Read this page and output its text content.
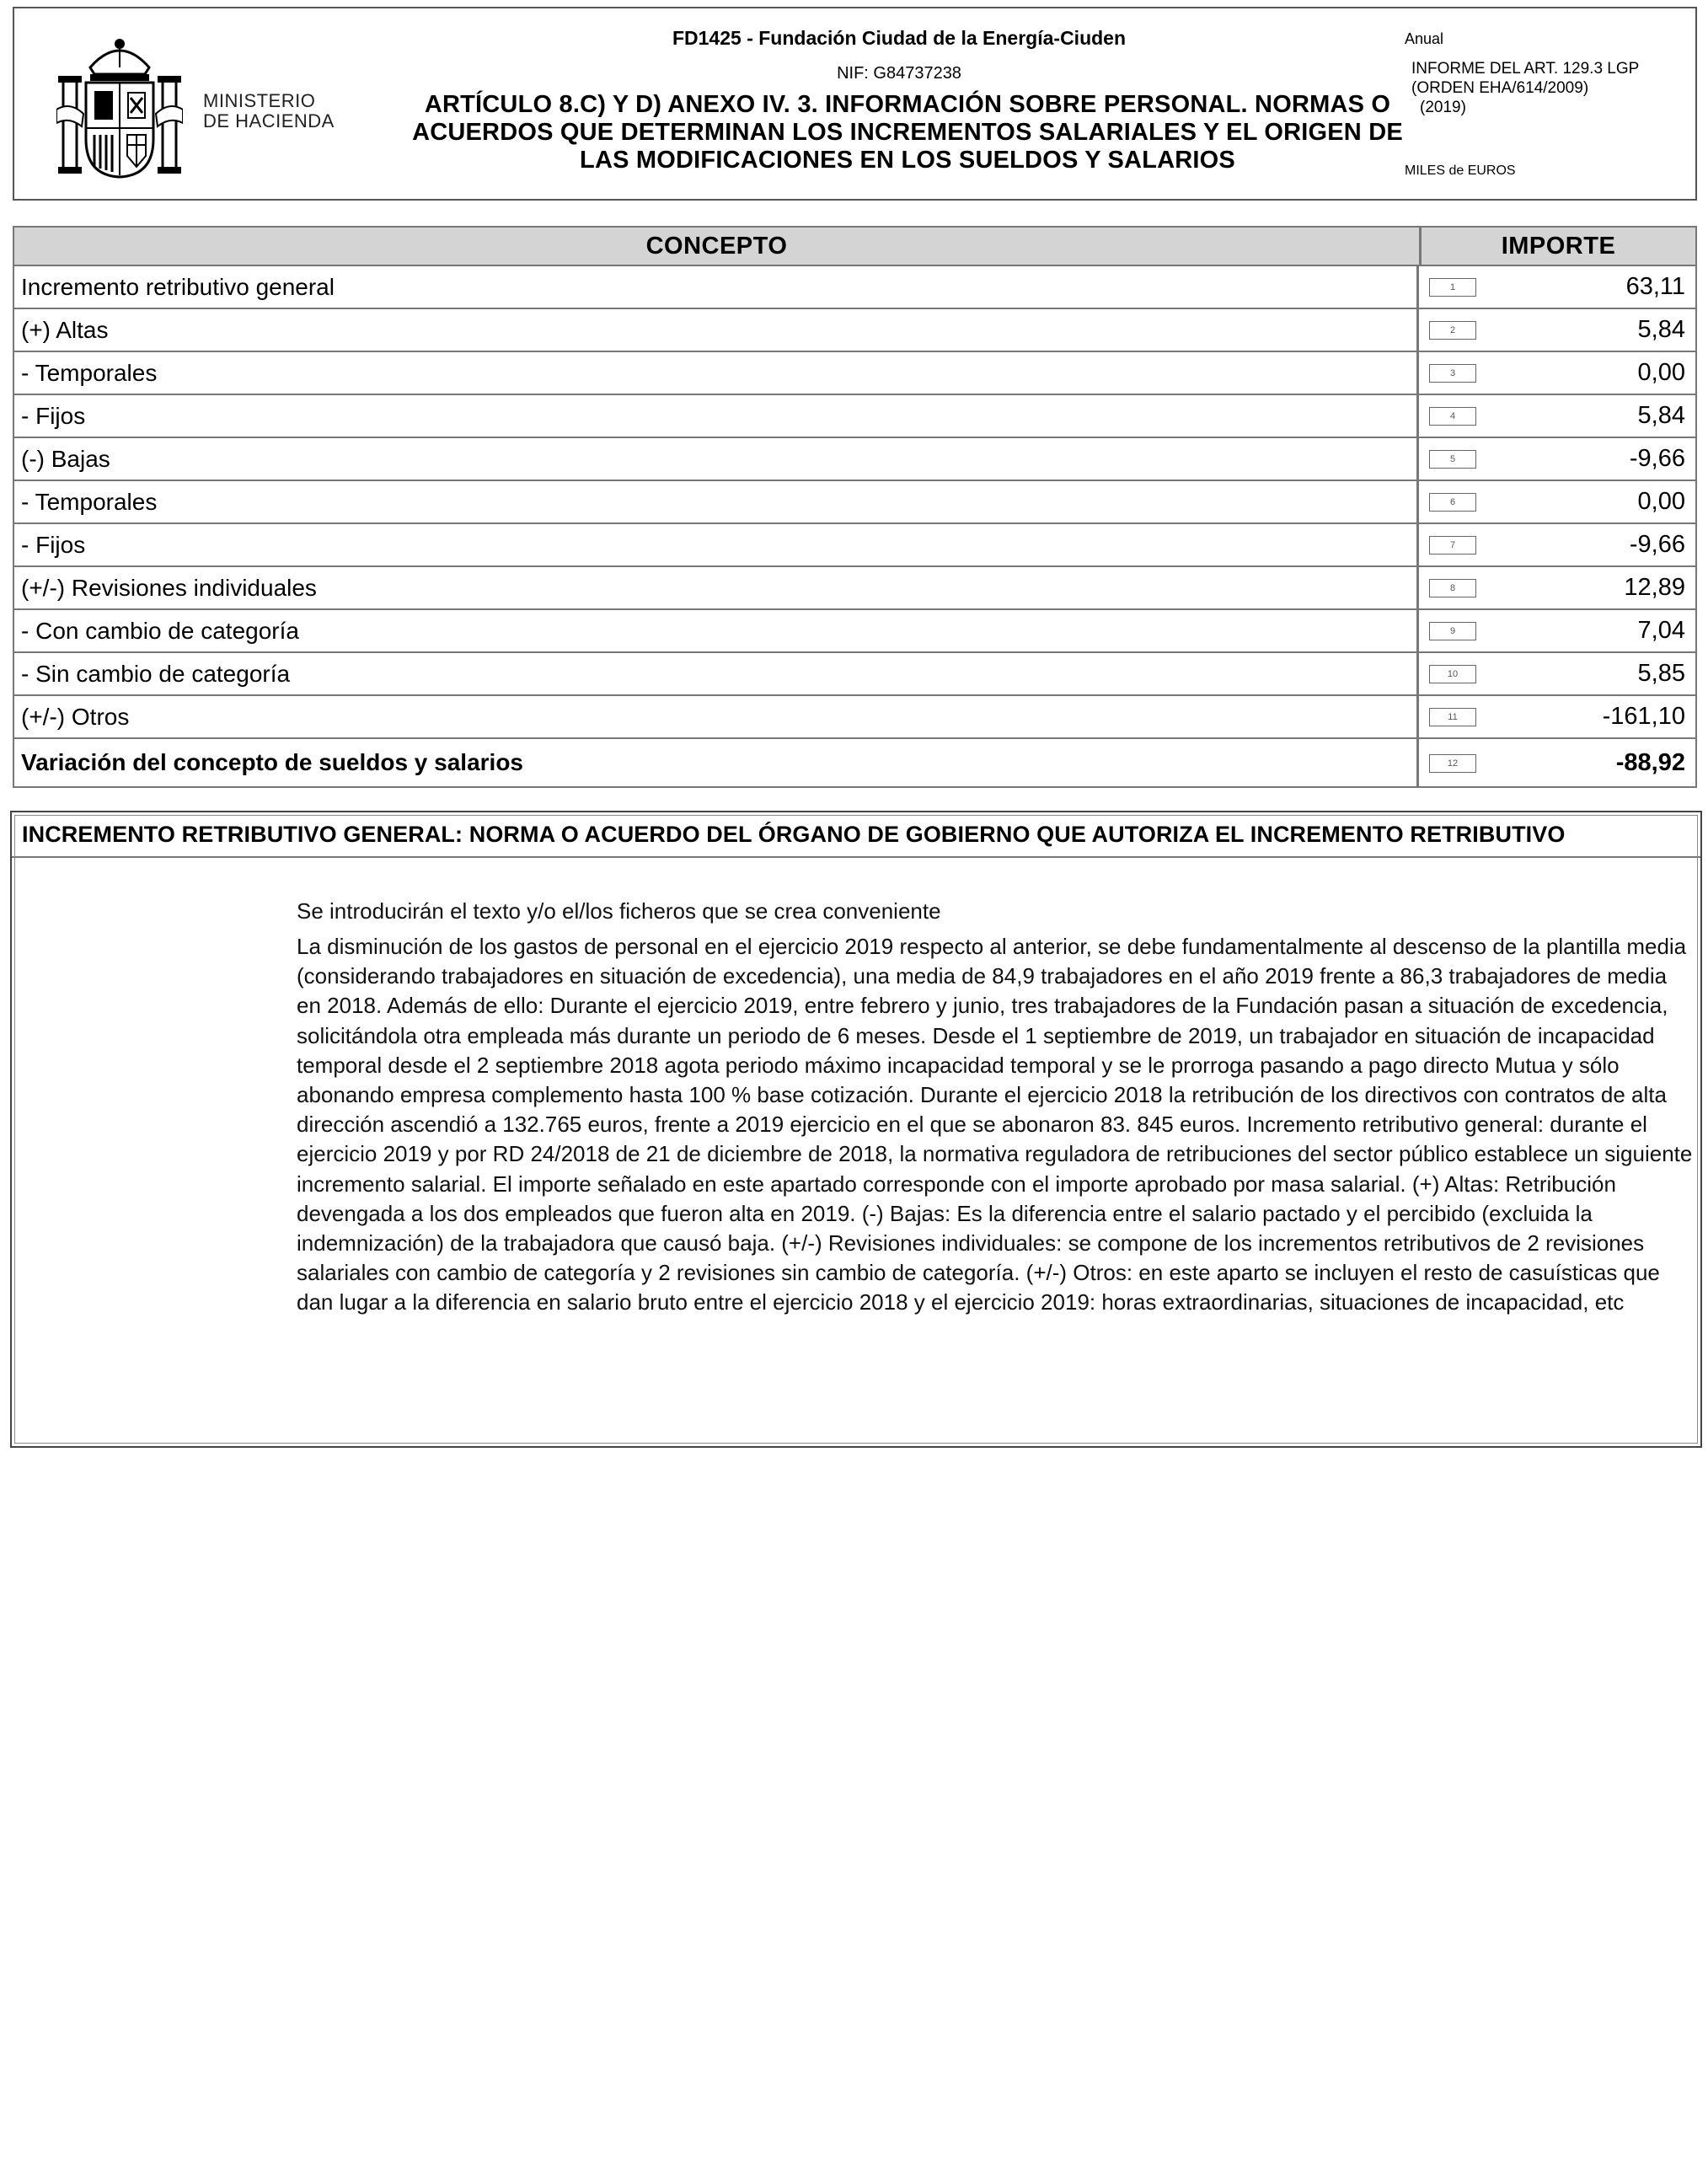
MINISTERIO
DE HACIENDA
FD1425 - Fundación Ciudad de la Energía-Ciuden
NIF: G84737238
ARTÍCULO 8.C) Y D) ANEXO IV. 3. INFORMACIÓN SOBRE PERSONAL. NORMAS O
ACUERDOS QUE DETERMINAN LOS INCREMENTOS SALARIALES Y EL ORIGEN DE
LAS MODIFICACIONES EN LOS SUELDOS Y SALARIOS
Anual
INFORME DEL ART. 129.3 LGP
(ORDEN EHA/614/2009)
(2019)
MILES de EUROS
CONCEPTO	IMPORTE
Incremento retributivo general	1	63,11
(+) Altas	2	5,84
- Temporales	3	0,00
- Fijos	4	5,84
(-) Bajas	5	-9,66
- Temporales	6	0,00
- Fijos	7	-9,66
(+/-) Revisiones individuales	8	12,89
- Con cambio de categoría	9	7,04
- Sin cambio de categoría	10	5,85
(+/-) Otros	11	-161,10
Variación del concepto de sueldos y salarios	12	-88,92
INCREMENTO RETRIBUTIVO GENERAL: NORMA O ACUERDO DEL ÓRGANO DE GOBIERNO QUE AUTORIZA EL INCREMENTO RETRIBUTIVO
Se introducirán el texto y/o el/los ficheros que se crea conveniente
La disminución de los gastos de personal en el ejercicio 2019 respecto al anterior, se debe fundamentalmente al descenso de la plantilla media (considerando trabajadores en situación de excedencia), una media de 84,9 trabajadores en el año 2019 frente a 86,3 trabajadores de media en 2018. Además de ello: Durante el ejercicio 2019, entre febrero y junio, tres trabajadores de la Fundación pasan a situación de excedencia, solicitándola otra empleada más durante un periodo de 6 meses. Desde el 1 septiembre de 2019, un trabajador en situación de incapacidad temporal desde el 2 septiembre 2018 agota periodo máximo incapacidad temporal y se le prorroga pasando a pago directo Mutua y sólo abonando empresa complemento hasta 100 % base cotización. Durante el ejercicio 2018 la retribución de los directivos con contratos de alta dirección ascendió a 132.765 euros, frente a 2019 ejercicio en el que se abonaron 83. 845 euros. Incremento retributivo general: durante el ejercicio 2019 y por RD 24/2018 de 21 de diciembre de 2018, la normativa reguladora de retribuciones del sector público establece un siguiente incremento salarial. El importe señalado en este apartado corresponde con el importe aprobado por masa salarial. (+) Altas: Retribución devengada a los dos empleados que fueron alta en 2019. (-) Bajas: Es la diferencia entre el salario pactado y el percibido (excluida la indemnización) de la trabajadora que causó baja. (+/-) Revisiones individuales: se compone de los incrementos retributivos de 2 revisiones salariales con cambio de categoría y 2 revisiones sin cambio de categoría. (+/-) Otros: en este aparto se incluyen el resto de casuísticas que dan lugar a la diferencia en salario bruto entre el ejercicio 2018 y el ejercicio 2019: horas extraordinarias, situaciones de incapacidad, etc
